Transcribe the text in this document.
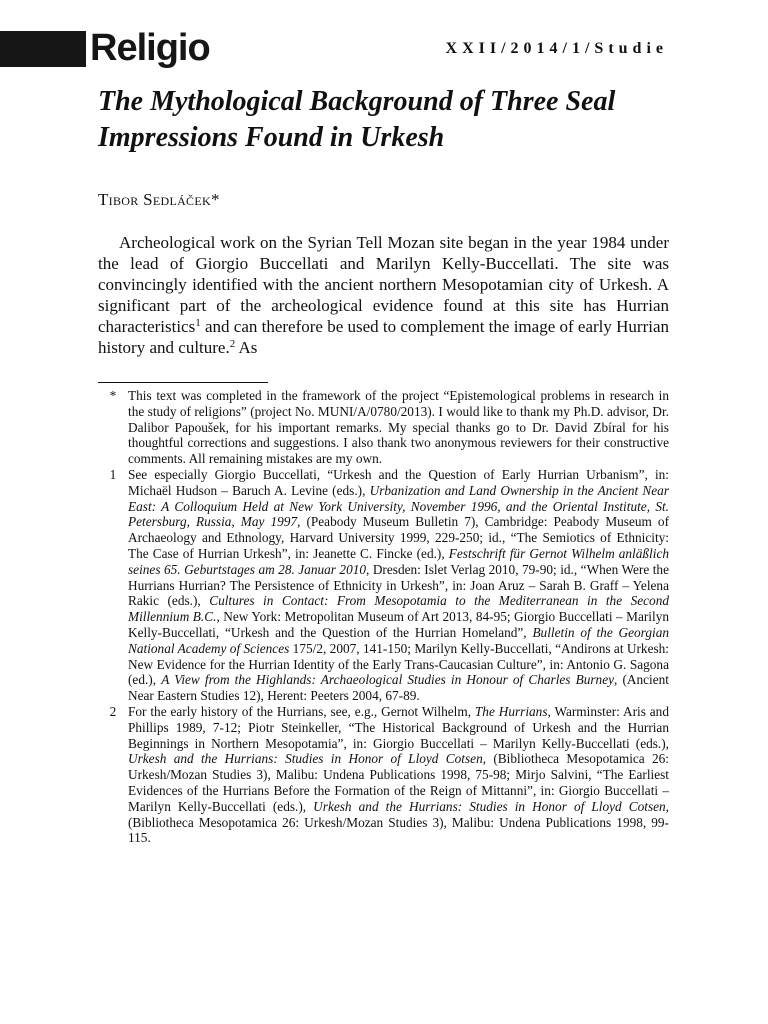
Religio	XXII/2014/1/Studie
The Mythological Background of Three Seal Impressions Found in Urkesh

Tibor Sedláček*

Archeological work on the Syrian Tell Mozan site began in the year 1984 under the lead of Giorgio Buccellati and Marilyn Kelly-Buccellati. The site was convincingly identified with the ancient northern Mesopotamian city of Urkesh. A significant part of the archeological evidence found at this site has Hurrian characteristics$^1$ and can therefore be used to complement the image of early Hurrian history and culture.$^2$ As

* This text was completed in the framework of the project “Epistemological problems in research in the study of religions” (project No. MUNI/A/0780/2013). I would like to thank my Ph.D. advisor, Dr. Dalibor Papoušek, for his important remarks. My special thanks go to Dr. David Zbíral for his thoughtful corrections and suggestions. I also thank two anonymous reviewers for their constructive comments. All remaining mistakes are my own.
1 See especially Giorgio Buccellati, “Urkesh and the Question of Early Hurrian Urbanism”, in: Michaël Hudson – Baruch A. Levine (eds.), Urbanization and Land Ownership in the Ancient Near East: A Colloquium Held at New York University, November 1996, and the Oriental Institute, St. Petersburg, Russia, May 1997, (Peabody Museum Bulletin 7), Cambridge: Peabody Museum of Archaeology and Ethnology, Harvard University 1999, 229-250; id., “The Semiotics of Ethnicity: The Case of Hurrian Urkesh”, in: Jeanette C. Fincke (ed.), Festschrift für Gernot Wilhelm anläßlich seines 65. Geburtstages am 28. Januar 2010, Dresden: Islet Verlag 2010, 79-90; id., “When Were the Hurrians Hurrian? The Persistence of Ethnicity in Urkesh”, in: Joan Aruz – Sarah B. Graff – Yelena Rakic (eds.), Cultures in Contact: From Mesopotamia to the Mediterranean in the Second Millennium B.C., New York: Metropolitan Museum of Art 2013, 84-95; Giorgio Buccellati – Marilyn Kelly-Buccellati, “Urkesh and the Question of the Hurrian Homeland”, Bulletin of the Georgian National Academy of Sciences 175/2, 2007, 141-150; Marilyn Kelly-Buccellati, “Andirons at Urkesh: New Evidence for the Hurrian Identity of the Early Trans-Caucasian Culture”, in: Antonio G. Sagona (ed.), A View from the Highlands: Archaeological Studies in Honour of Charles Burney, (Ancient Near Eastern Studies 12), Herent: Peeters 2004, 67-89.
2 For the early history of the Hurrians, see, e.g., Gernot Wilhelm, The Hurrians, Warminster: Aris and Phillips 1989, 7-12; Piotr Steinkeller, “The Historical Background of Urkesh and the Hurrian Beginnings in Northern Mesopotamia”, in: Giorgio Buccellati – Marilyn Kelly-Buccellati (eds.), Urkesh and the Hurrians: Studies in Honor of Lloyd Cotsen, (Bibliotheca Mesopotamica 26: Urkesh/Mozan Studies 3), Malibu: Undena Publications 1998, 75-98; Mirjo Salvini, “The Earliest Evidences of the Hurrians Before the Formation of the Reign of Mittanni”, in: Giorgio Buccellati – Marilyn Kelly-Buccellati (eds.), Urkesh and the Hurrians: Studies in Honor of Lloyd Cotsen, (Bibliotheca Mesopotamica 26: Urkesh/Mozan Studies 3), Malibu: Undena Publications 1998, 99-115.
